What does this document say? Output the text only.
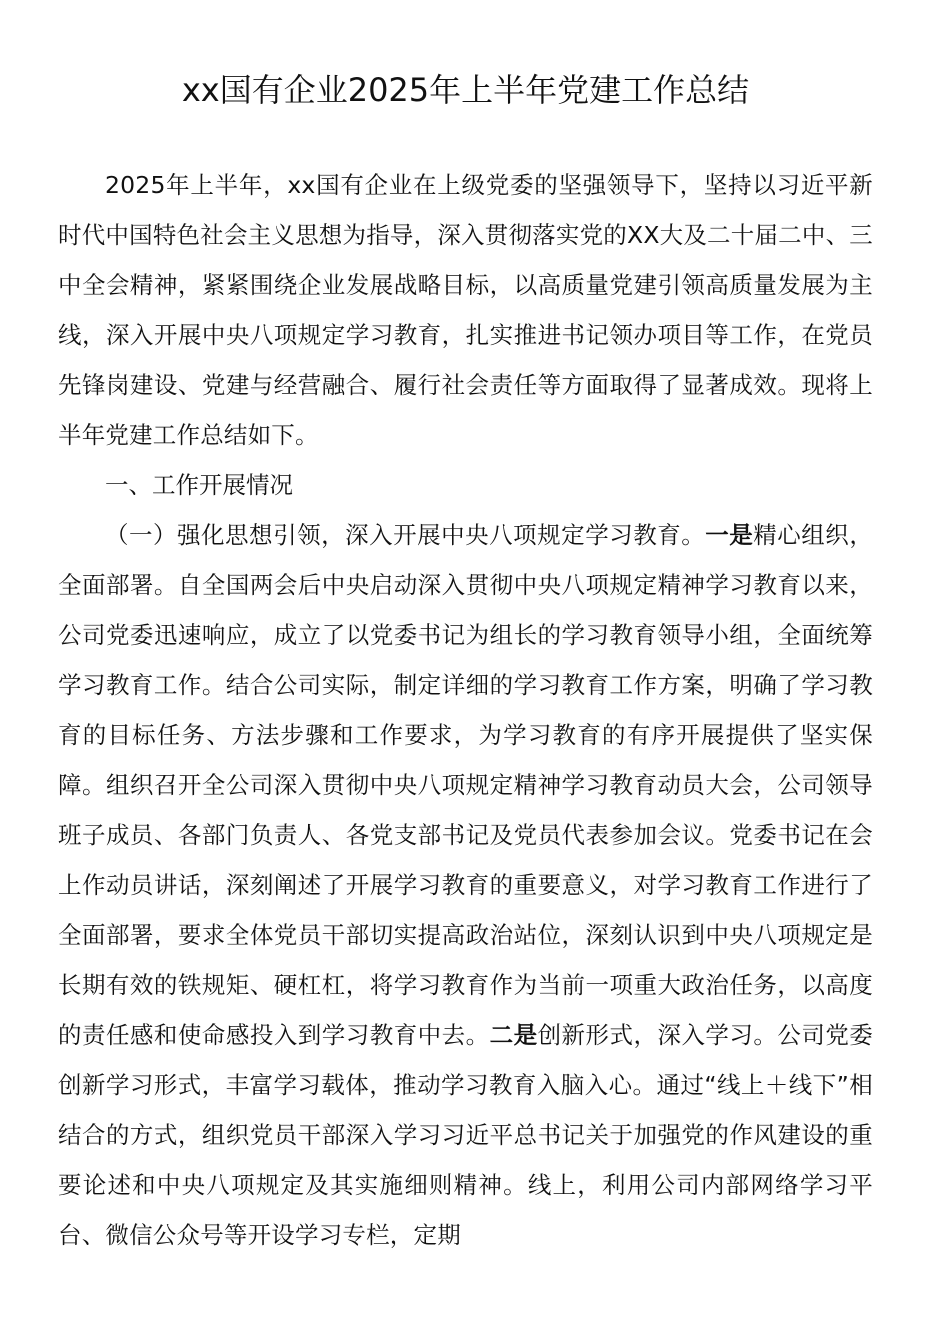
xx国有企业2025年上半年党建工作总结

2025年上半年，xx国有企业在上级党委的坚强领导下，坚持以习近平新时代中国特色社会主义思想为指导，深入贯彻落实党的XX大及二十届二中、三中全会精神，紧紧围绕企业发展战略目标，以高质量党建引领高质量发展为主线，深入开展中央八项规定学习教育，扎实推进书记领办项目等工作，在党员先锋岗建设、党建与经营融合、履行社会责任等方面取得了显著成效。现将上半年党建工作总结如下。

一、工作开展情况

（一）强化思想引领，深入开展中央八项规定学习教育。一是精心组织，全面部署。自全国两会后中央启动深入贯彻中央八项规定精神学习教育以来，公司党委迅速响应，成立了以党委书记为组长的学习教育领导小组，全面统筹学习教育工作。结合公司实际，制定详细的学习教育工作方案，明确了学习教育的目标任务、方法步骤和工作要求，为学习教育的有序开展提供了坚实保障。组织召开全公司深入贯彻中央八项规定精神学习教育动员大会，公司领导班子成员、各部门负责人、各党支部书记及党员代表参加会议。党委书记在会上作动员讲话，深刻阐述了开展学习教育的重要意义，对学习教育工作进行了全面部署，要求全体党员干部切实提高政治站位，深刻认识到中央八项规定是长期有效的铁规矩、硬杠杠，将学习教育作为当前一项重大政治任务，以高度的责任感和使命感投入到学习教育中去。二是创新形式，深入学习。公司党委创新学习形式，丰富学习载体，推动学习教育入脑入心。通过“线上＋线下”相结合的方式，组织党员干部深入学习习近平总书记关于加强党的作风建设的重要论述和中央八项规定及其实施细则精神。线上，利用公司内部网络学习平台、微信公众号等开设学习专栏，定期
